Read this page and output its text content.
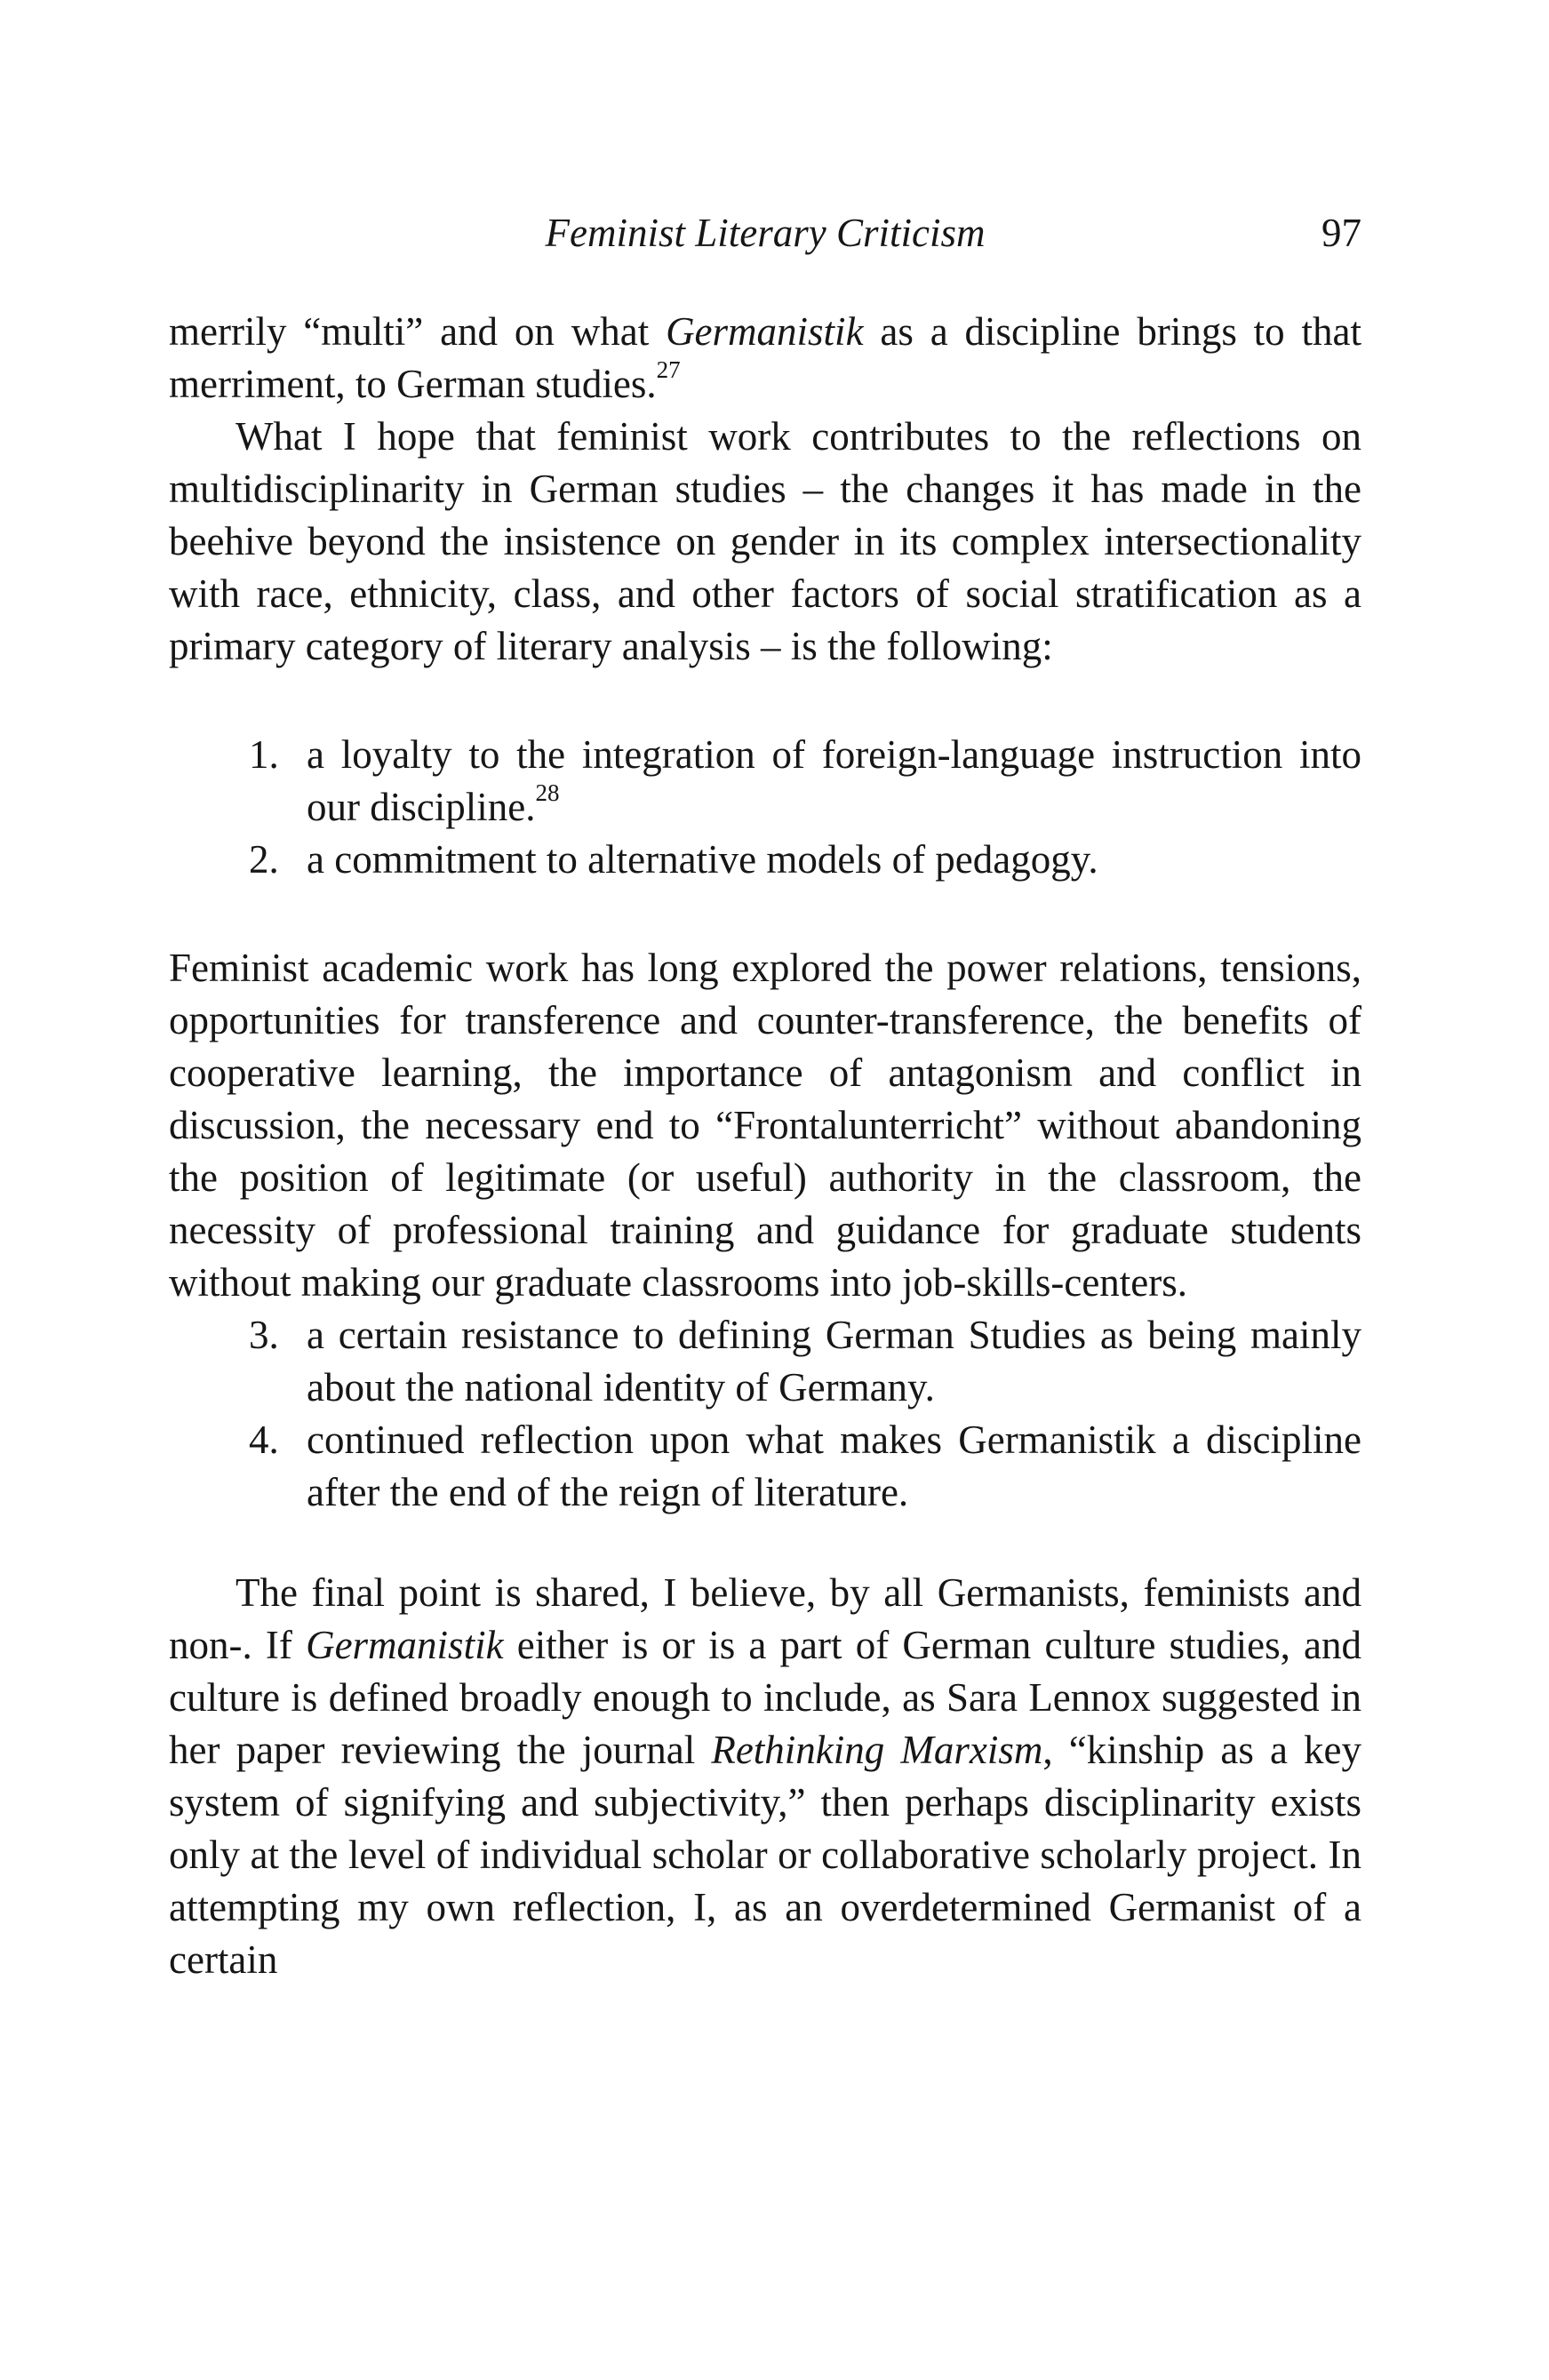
Feminist Literary Criticism	97

merrily “multi” and on what Germanistik as a discipline brings to that merriment, to German studies.$^{27}$

What I hope that feminist work contributes to the reflections on multidisciplinarity in German studies – the changes it has made in the beehive beyond the insistence on gender in its complex intersectionality with race, ethnicity, class, and other factors of social stratification as a primary category of literary analysis – is the following:

1. a loyalty to the integration of foreign-language instruction into our discipline.$^{28}$
2. a commitment to alternative models of pedagogy.

Feminist academic work has long explored the power relations, tensions, opportunities for transference and counter-transference, the benefits of cooperative learning, the importance of antagonism and conflict in discussion, the necessary end to “Frontalunterricht” without abandoning the position of legitimate (or useful) authority in the classroom, the necessity of professional training and guidance for graduate students without making our graduate classrooms into job-skills-centers.

3. a certain resistance to defining German Studies as being mainly about the national identity of Germany.
4. continued reflection upon what makes Germanistik a discipline after the end of the reign of literature.

The final point is shared, I believe, by all Germanists, feminists and non-. If Germanistik either is or is a part of German culture studies, and culture is defined broadly enough to include, as Sara Lennox suggested in her paper reviewing the journal Rethinking Marxism, “kinship as a key system of signifying and subjectivity,” then perhaps disciplinarity exists only at the level of individual scholar or collaborative scholarly project. In attempting my own reflection, I, as an overdetermined Germanist of a certain
